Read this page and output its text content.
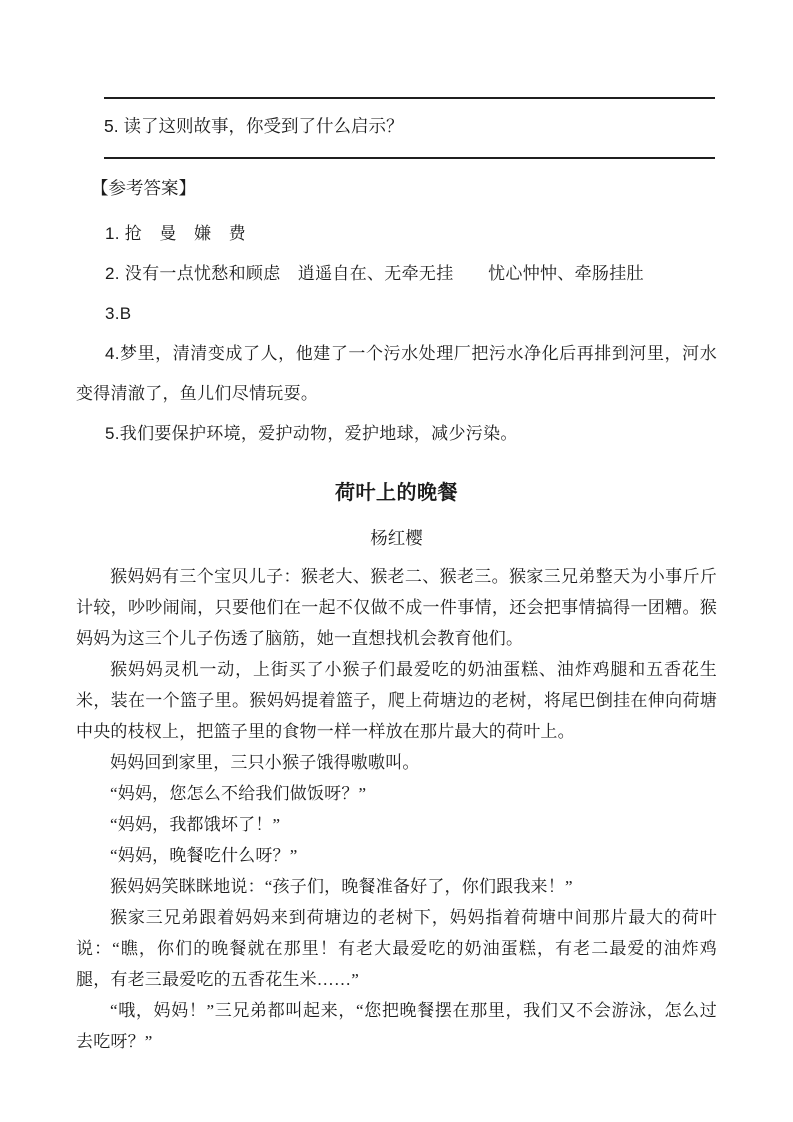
5. 读了这则故事，你受到了什么启示？

【参考答案】

1. 抢　曼　嫌　费

2. 没有一点忧愁和顾虑　逍遥自在、无牵无挂　　忧心忡忡、牵肠挂肚

3.B

4.梦里，清清变成了人，他建了一个污水处理厂把污水净化后再排到河里，河水变得清澈了，鱼儿们尽情玩耍。

5.我们要保护环境，爱护动物，爱护地球，减少污染。

荷叶上的晚餐

杨红樱

猴妈妈有三个宝贝儿子：猴老大、猴老二、猴老三。猴家三兄弟整天为小事斤斤计较，吵吵闹闹，只要他们在一起不仅做不成一件事情，还会把事情搞得一团糟。猴妈妈为这三个儿子伤透了脑筋，她一直想找机会教育他们。

猴妈妈灵机一动，上街买了小猴子们最爱吃的奶油蛋糕、油炸鸡腿和五香花生米，装在一个篮子里。猴妈妈提着篮子，爬上荷塘边的老树，将尾巴倒挂在伸向荷塘中央的枝杈上，把篮子里的食物一样一样放在那片最大的荷叶上。

妈妈回到家里，三只小猴子饿得嗷嗷叫。

“妈妈，您怎么不给我们做饭呀？”

“妈妈，我都饿坏了！”

“妈妈，晚餐吃什么呀？”

猴妈妈笑眯眯地说：“孩子们，晚餐准备好了，你们跟我来！”

猴家三兄弟跟着妈妈来到荷塘边的老树下，妈妈指着荷塘中间那片最大的荷叶说：“瞧，你们的晚餐就在那里！有老大最爱吃的奶油蛋糕，有老二最爱的油炸鸡腿，有老三最爱吃的五香花生米……”

“哦，妈妈！”三兄弟都叫起来，“您把晚餐摆在那里，我们又不会游泳，怎么过去吃呀？”
